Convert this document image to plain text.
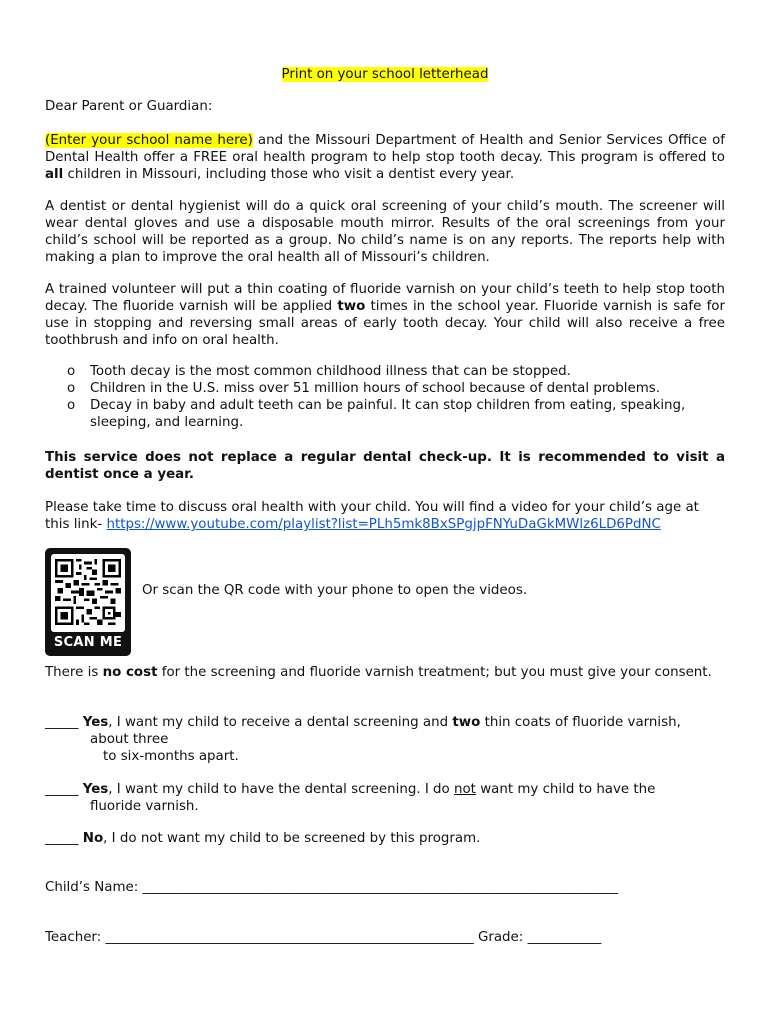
Print on your school letterhead

Dear Parent or Guardian:

(Enter your school name here) and the Missouri Department of Health and Senior Services Office of Dental Health offer a FREE oral health program to help stop tooth decay. This program is offered to all children in Missouri, including those who visit a dentist every year.

A dentist or dental hygienist will do a quick oral screening of your child’s mouth. The screener will wear dental gloves and use a disposable mouth mirror. Results of the oral screenings from your child’s school will be reported as a group. No child’s name is on any reports. The reports help with making a plan to improve the oral health all of Missouri’s children.

A trained volunteer will put a thin coating of fluoride varnish on your child’s teeth to help stop tooth decay. The fluoride varnish will be applied two times in the school year. Fluoride varnish is safe for use in stopping and reversing small areas of early tooth decay. Your child will also receive a free toothbrush and info on oral health.

o Tooth decay is the most common childhood illness that can be stopped.
o Children in the U.S. miss over 51 million hours of school because of dental problems.
o Decay in baby and adult teeth can be painful. It can stop children from eating, speaking, sleeping, and learning.

This service does not replace a regular dental check-up. It is recommended to visit a dentist once a year.

Please take time to discuss oral health with your child. You will find a video for your child’s age at this link- https://www.youtube.com/playlist?list=PLh5mk8BxSPgjpFNYuDaGkMWlz6LD6PdNC

SCAN ME

Or scan the QR code with your phone to open the videos.

There is no cost for the screening and fluoride varnish treatment; but you must give your consent.

_____ Yes, I want my child to receive a dental screening and two thin coats of fluoride varnish,
about three
to six-months apart.
_____ Yes, I want my child to have the dental screening. I do not want my child to have the
fluoride varnish.
_____ No, I do not want my child to be screened by this program.

Child’s Name: _______________________________________________________________________

Teacher: _______________________________________________________ Grade: ___________
